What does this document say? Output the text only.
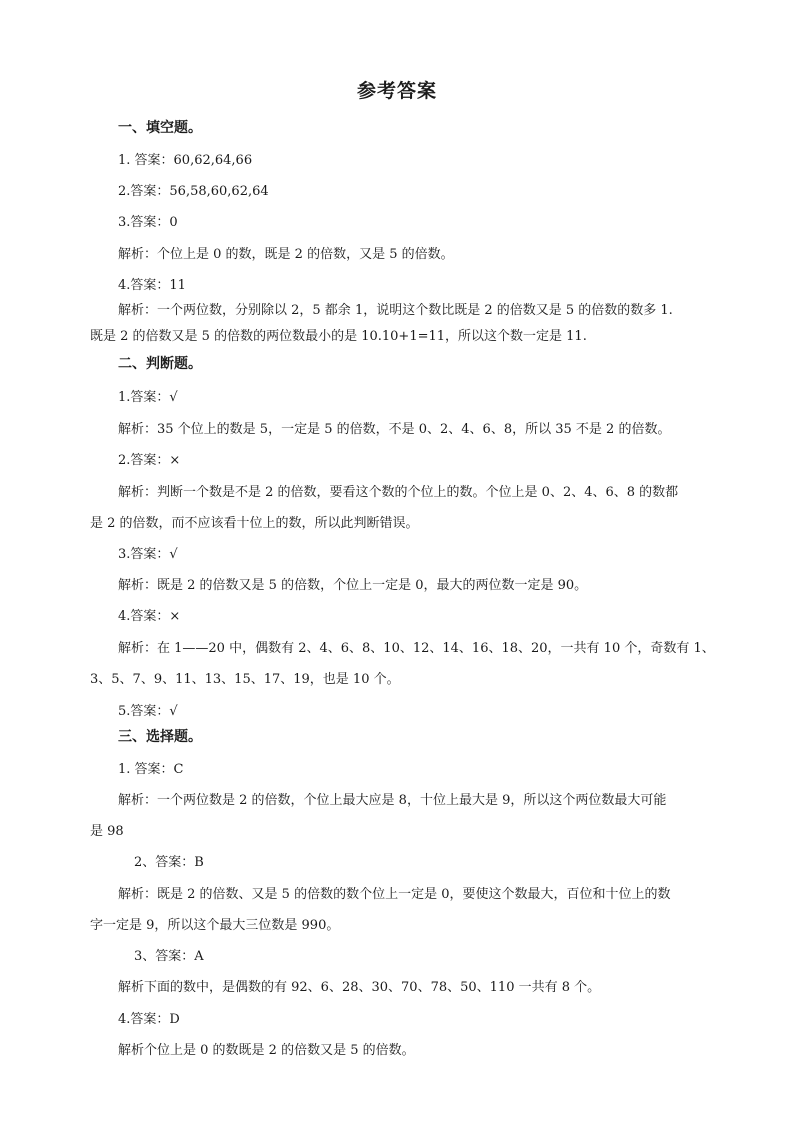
参考答案
一、填空题。
1. 答案：60,62,64,66
2.答案：56,58,60,62,64
3.答案：0
解析：个位上是 0 的数，既是 2 的倍数，又是 5 的倍数。
4.答案：11
解析：一个两位数，分别除以 2，5 都余 1，说明这个数比既是 2 的倍数又是 5 的倍数的数多 1.
既是 2 的倍数又是 5 的倍数的两位数最小的是 10.10+1=11，所以这个数一定是 11.
二、判断题。
1.答案：√
解析：35 个位上的数是 5，一定是 5 的倍数，不是 0、2、4、6、8，所以 35 不是 2 的倍数。
2.答案：×
解析：判断一个数是不是 2 的倍数，要看这个数的个位上的数。个位上是 0、2、4、6、8 的数都
是 2 的倍数，而不应该看十位上的数，所以此判断错误。
3.答案：√
解析：既是 2 的倍数又是 5 的倍数，个位上一定是 0，最大的两位数一定是 90。
4.答案：×
解析：在 1——20 中，偶数有 2、4、6、8、10、12、14、16、18、20，一共有 10 个，奇数有 1、
3、5、7、9、11、13、15、17、19，也是 10 个。
5.答案：√
三、选择题。
1. 答案：C
解析：一个两位数是 2 的倍数，个位上最大应是 8，十位上最大是 9，所以这个两位数最大可能
是 98
2、答案：B
解析：既是 2 的倍数、又是 5 的倍数的数个位上一定是 0，要使这个数最大，百位和十位上的数
字一定是 9，所以这个最大三位数是 990。
3、答案：A
解析下面的数中，是偶数的有 92、6、28、30、70、78、50、110 一共有 8 个。
4.答案：D
解析个位上是 0 的数既是 2 的倍数又是 5 的倍数。
